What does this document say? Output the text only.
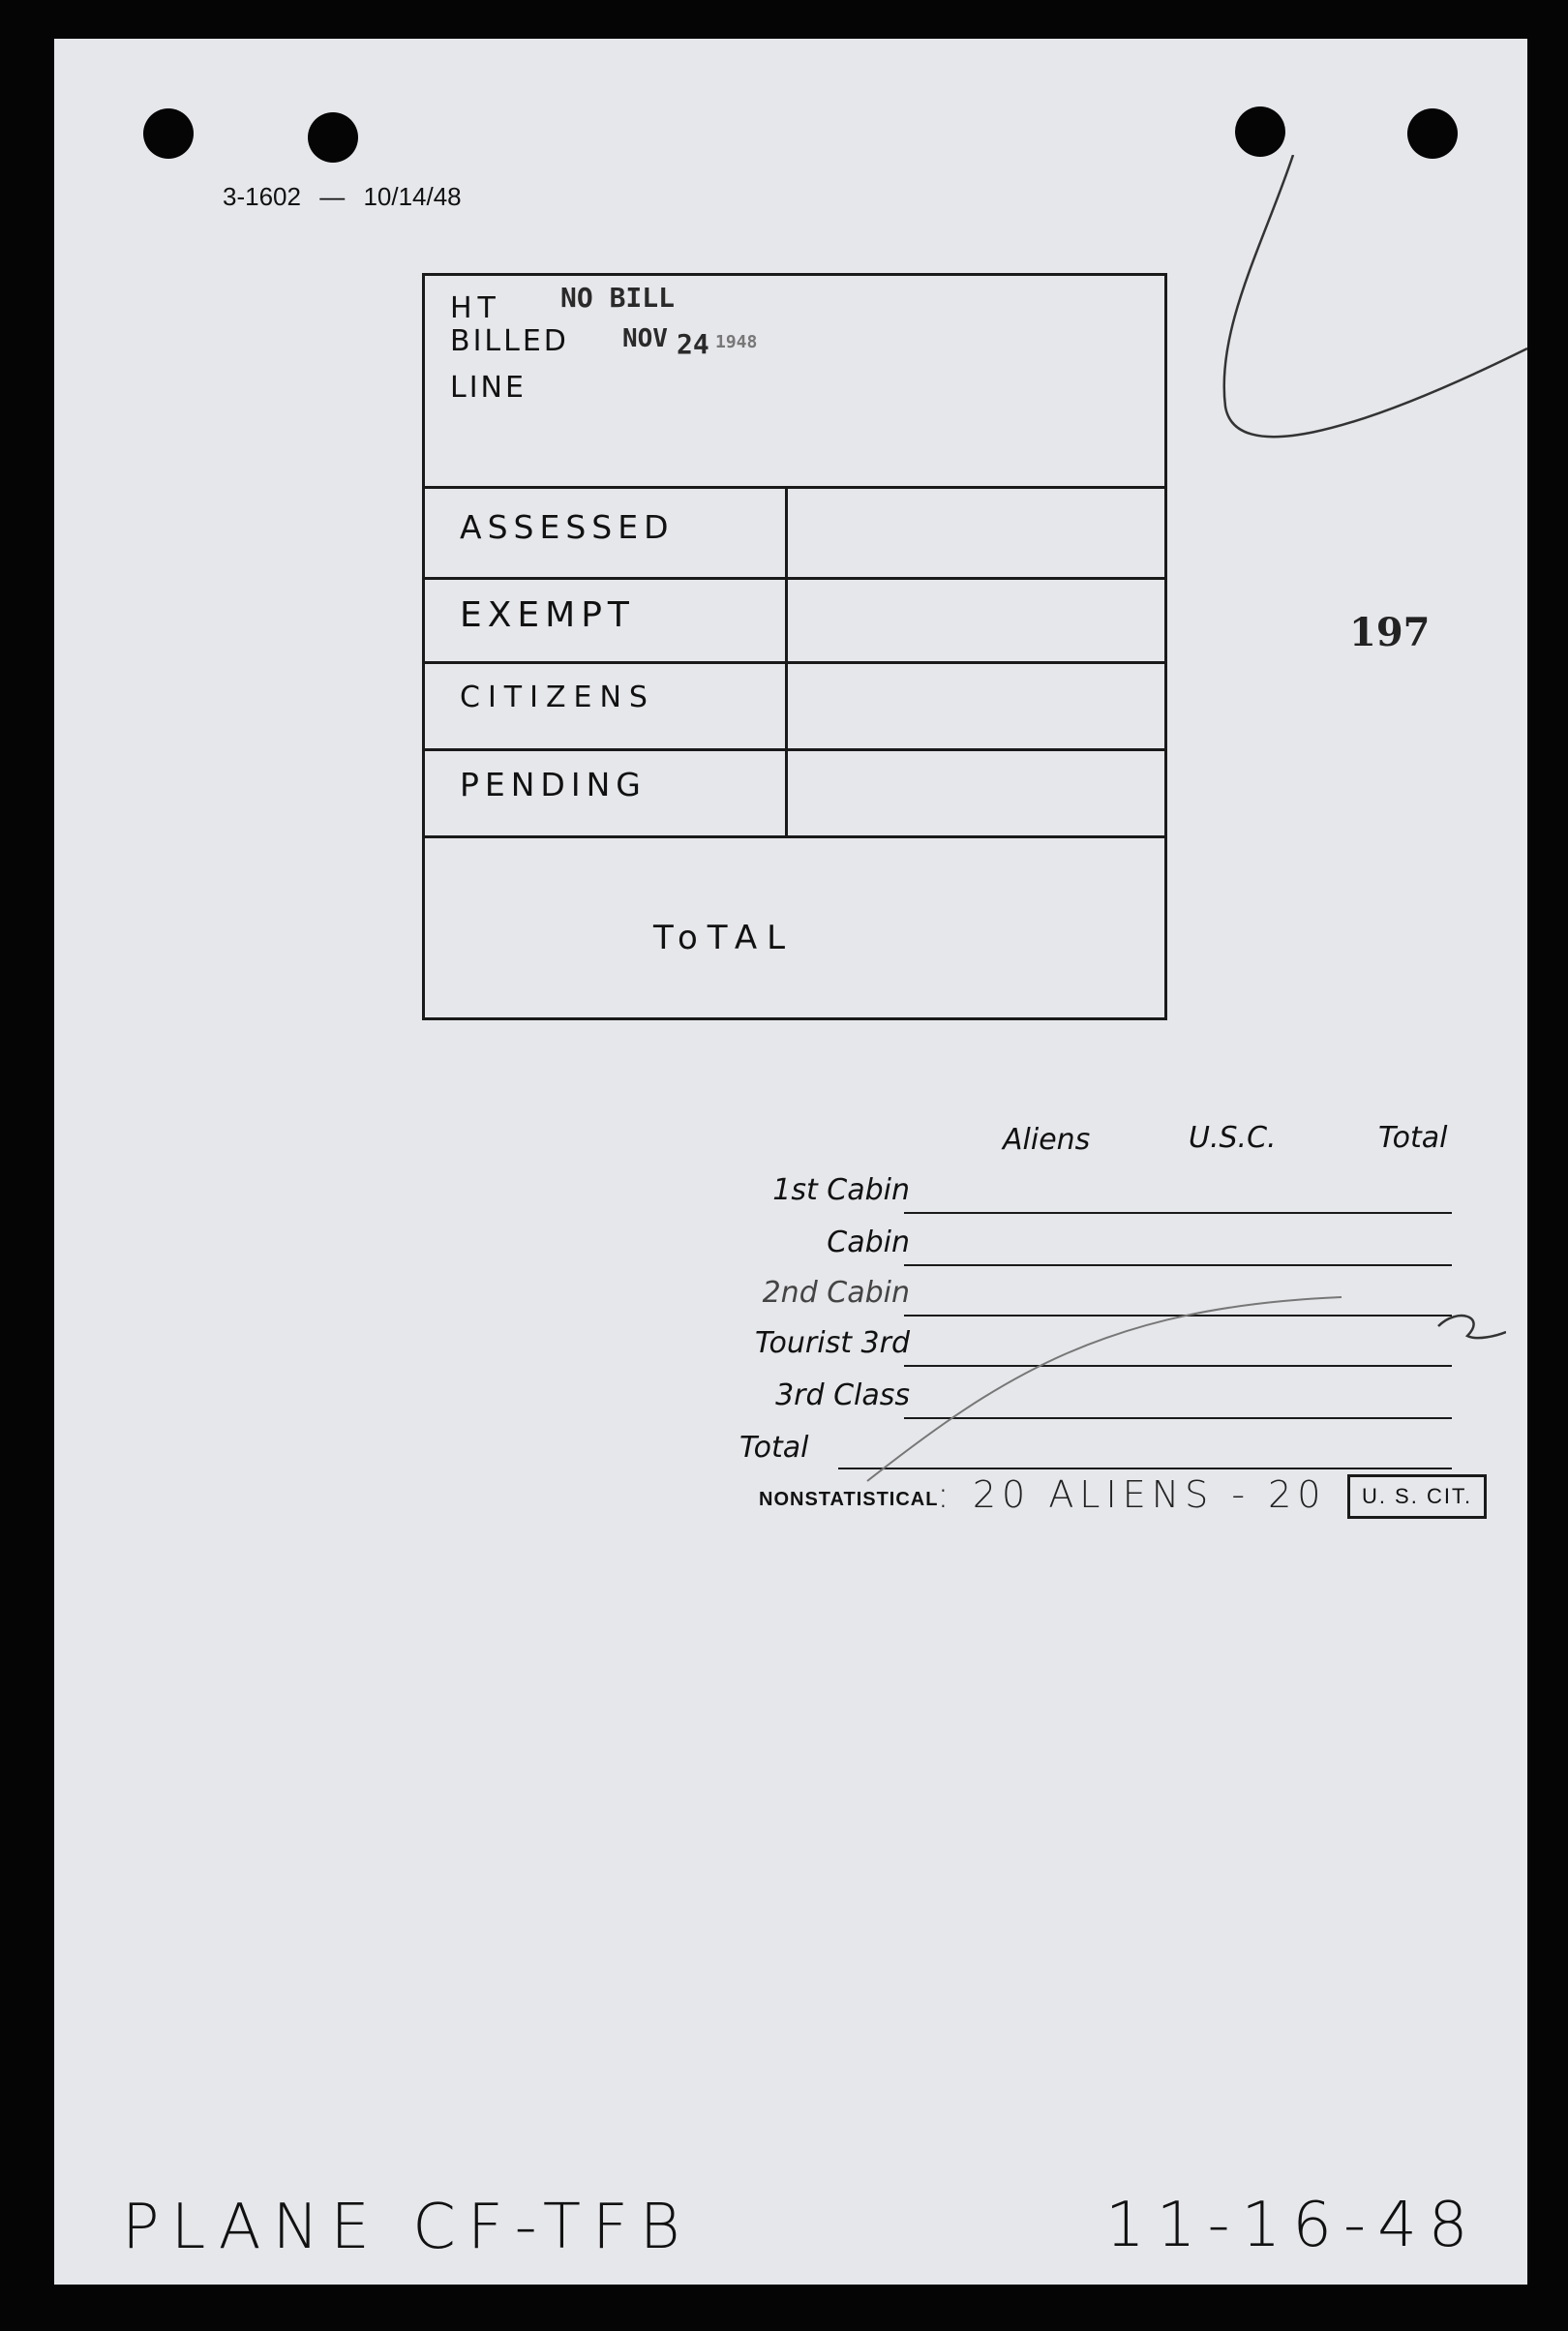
3-1602 — 10/14/48
HT
BILLED
LINE
NO BILL
NOV 24 1948
ASSESSED
EXEMPT
CITIZENS
PENDING
ToTAL
197
Aliens	U.S.C.	Total
1st Cabin
Cabin
2nd Cabin
Tourist 3rd
3rd Class
Total
NONSTATISTICAL
: 20 ALIENS - 20	U. S. CIT.
PLANE CF-TFB	11-16-48
